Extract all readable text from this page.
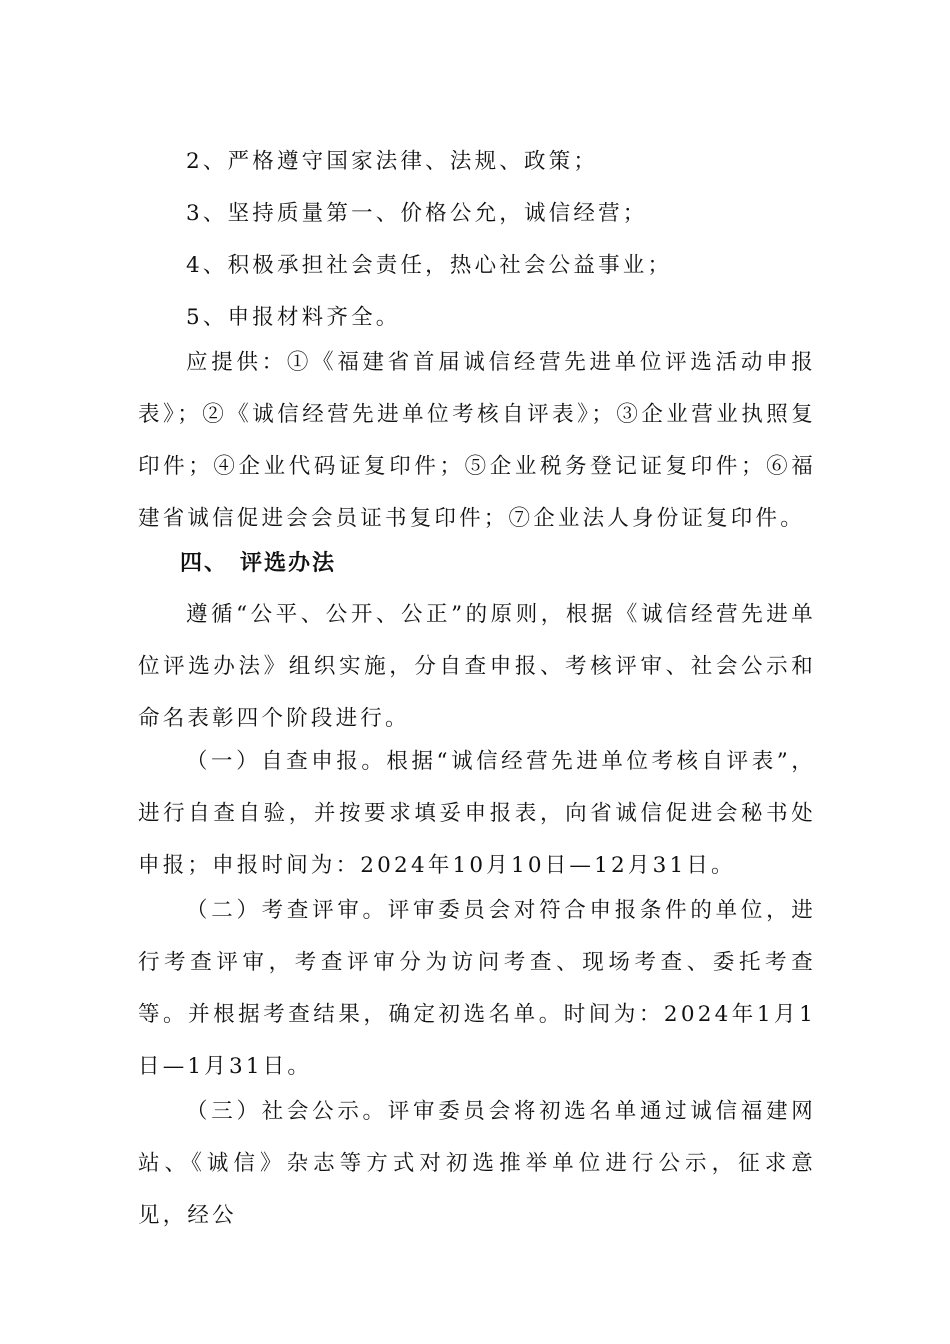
2、严格遵守国家法律、法规、政策；

3、坚持质量第一、价格公允，诚信经营；

4、积极承担社会责任，热心社会公益事业；

5、申报材料齐全。

应提供：①《福建省首届诚信经营先进单位评选活动申报表》；②《诚信经营先进单位考核自评表》；③企业营业执照复印件；④企业代码证复印件；⑤企业税务登记证复印件；⑥福建省诚信促进会会员证书复印件；⑦企业法人身份证复印件。

四、 评选办法

遵循“公平、公开、公正”的原则，根据《诚信经营先进单位评选办法》组织实施，分自查申报、考核评审、社会公示和命名表彰四个阶段进行。

（一）自查申报。根据“诚信经营先进单位考核自评表”，进行自查自验，并按要求填妥申报表，向省诚信促进会秘书处申报；申报时间为：2024年10月10日—12月31日。

（二）考查评审。评审委员会对符合申报条件的单位，进行考查评审，考查评审分为访问考查、现场考查、委托考查等。并根据考查结果，确定初选名单。时间为：2024年1月1日—1月31日。

（三）社会公示。评审委员会将初选名单通过诚信福建网站、《诚信》杂志等方式对初选推举单位进行公示，征求意见，经公
